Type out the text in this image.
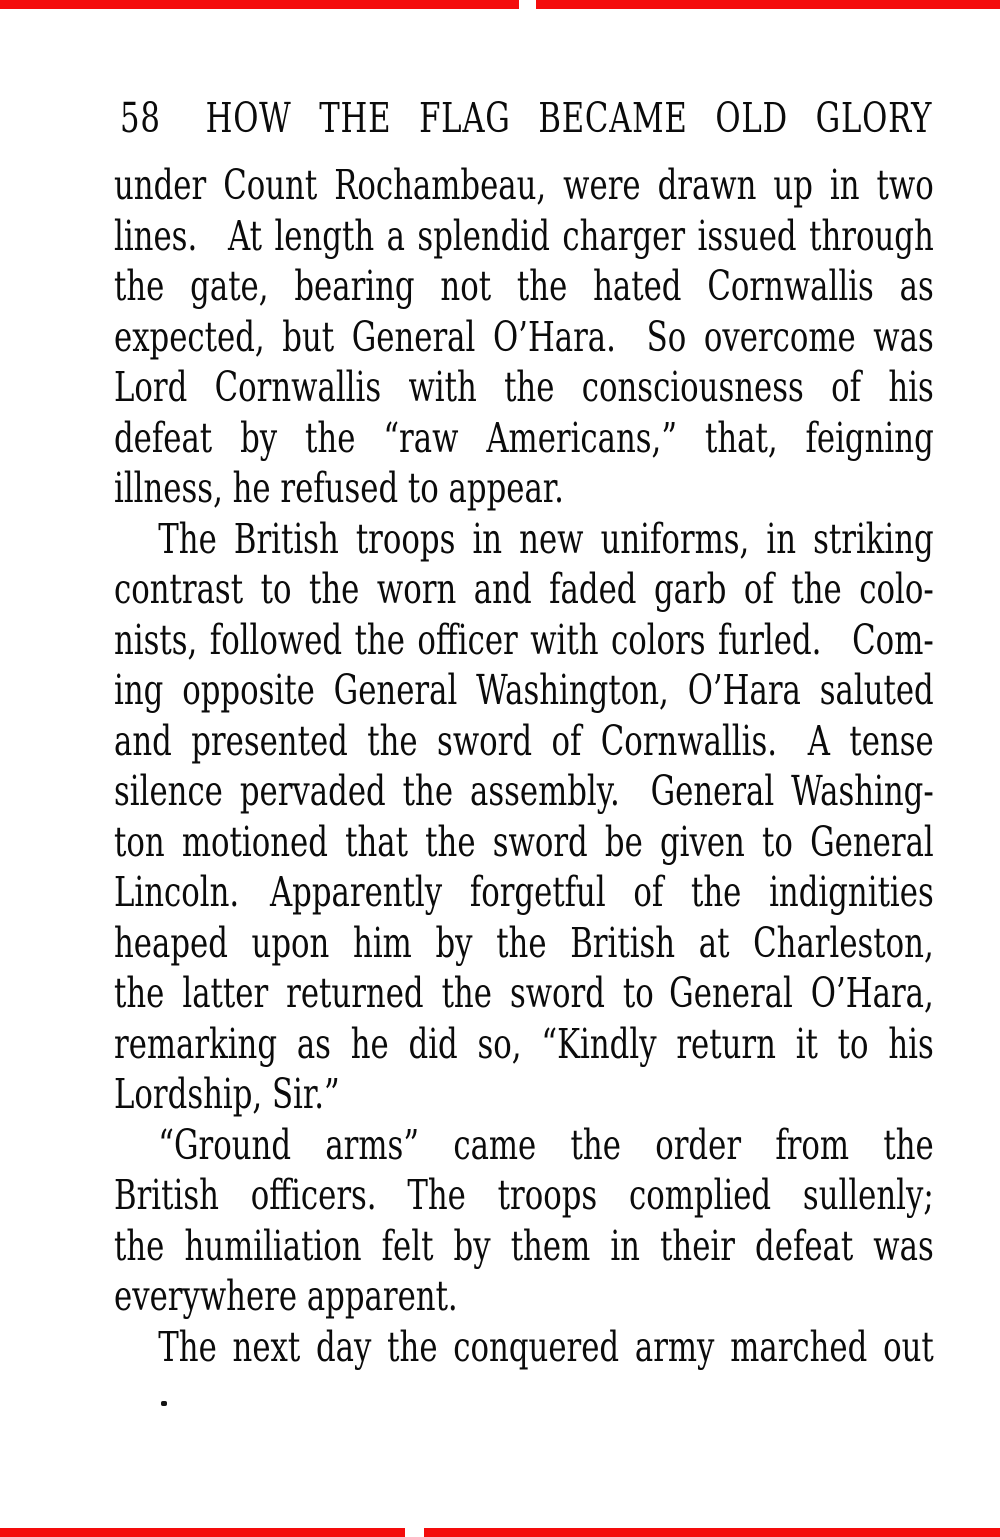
58 HOW THE FLAG BECAME OLD GLORY
under Count Rochambeau, were drawn up in two
lines. At length a splendid charger issued through
the gate, bearing not the hated Cornwallis as
expected, but General O’Hara. So overcome was
Lord Cornwallis with the consciousness of his
defeat by the “raw Americans,” that, feigning
illness, he refused to appear.
The British troops in new uniforms, in striking
contrast to the worn and faded garb of the colo-
nists, followed the officer with colors furled. Com-
ing opposite General Washington, O’Hara saluted
and presented the sword of Cornwallis. A tense
silence pervaded the assembly. General Washing-
ton motioned that the sword be given to General
Lincoln. Apparently forgetful of the indignities
heaped upon him by the British at Charleston,
the latter returned the sword to General O’Hara,
remarking as he did so, “Kindly return it to his
Lordship, Sir.”
“Ground arms” came the order from the
British officers. The troops complied sullenly;
the humiliation felt by them in their defeat was
everywhere apparent.
The next day the conquered army marched out
